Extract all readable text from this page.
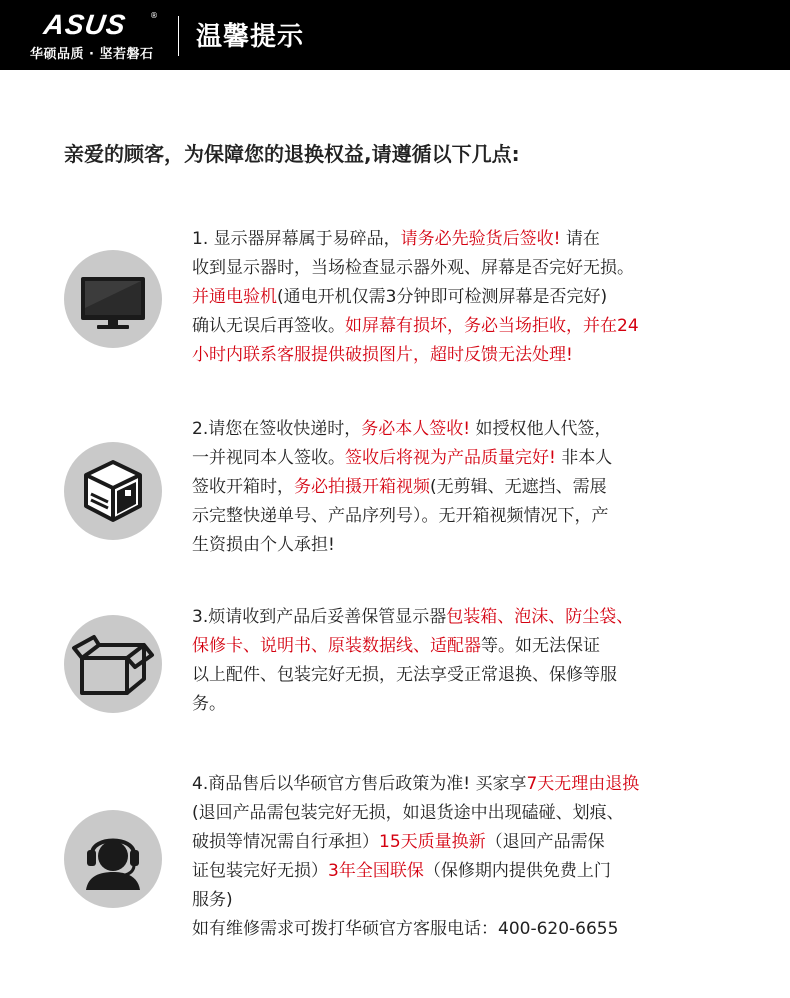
ASUS	®
华硕品质 · 坚若磐石
温馨提示
亲爱的顾客，为保障您的退换权益,请遵循以下几点:
1. 显示器屏幕属于易碎品，请务必先验货后签收! 请在
收到显示器时，当场检查显示器外观、屏幕是否完好无损。
并通电验机(通电开机仅需3分钟即可检测屏幕是否完好)
确认无误后再签收。如屏幕有损坏，务必当场拒收，并在24
小时内联系客服提供破损图片，超时反馈无法处理!
2.请您在签收快递时，务必本人签收! 如授权他人代签，
一并视同本人签收。签收后将视为产品质量完好! 非本人
签收开箱时，务必拍摄开箱视频(无剪辑、无遮挡、需展
示完整快递单号、产品序列号）。无开箱视频情况下，产
生资损由个人承担!
3.烦请收到产品后妥善保管显示器包装箱、泡沫、防尘袋、
保修卡、说明书、原装数据线、适配器等。如无法保证
以上配件、包装完好无损，无法享受正常退换、保修等服
务。
4.商品售后以华硕官方售后政策为准! 买家享7天无理由退换
(退回产品需包装完好无损，如退货途中出现磕碰、划痕、
破损等情况需自行承担）15天质量换新（退回产品需保
证包装完好无损）3年全国联保（保修期内提供免费上门
服务)
如有维修需求可拨打华硕官方客服电话：400-620-6655
